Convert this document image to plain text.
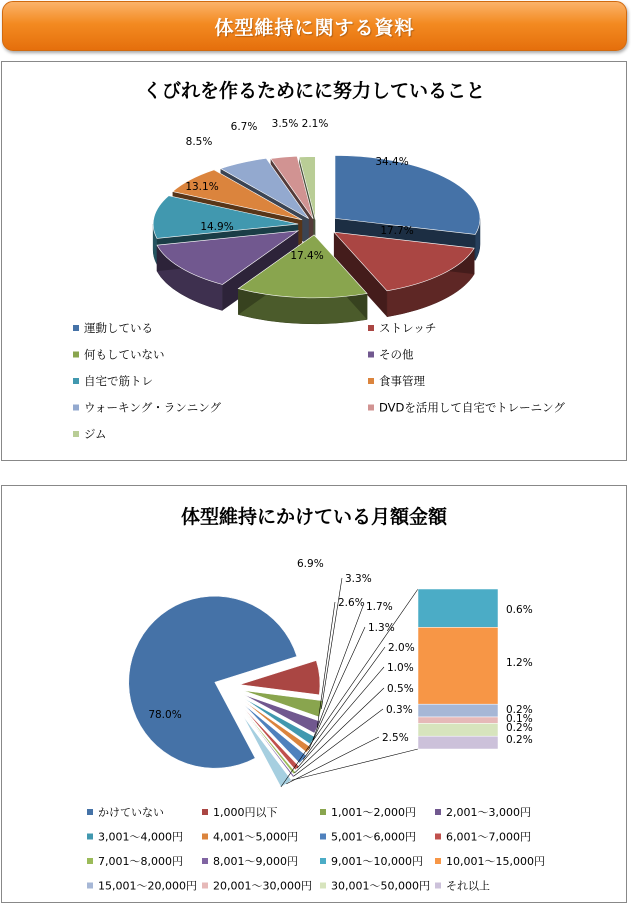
体型維持に関する資料
くびれを作るためにに努力していること
34.4%
17.7%
17.4%
14.9%
13.1%
8.5%
6.7% 3.5% 2.1%
運動している	ストレッチ
何もしていない	その他
自宅で筋トレ	食事管理
ウォーキング・ランニング	DVDを活用して自宅でトレーニング
ジム
体型維持にかけている月額金額
78.0%
6.9%
3.3%
2.6% 1.7%
1.3%
2.0%
1.0%
0.5%
0.3%
2.5%
0.6%
1.2%
0.2%
0.1%
0.2%
0.2%
かけていない	1,000円以下	1,001〜2,000円	2,001〜3,000円
3,001〜4,000円	4,001〜5,000円	5,001〜6,000円	6,001〜7,000円
7,001〜8,000円	8,001〜9,000円	9,001〜10,000円 10,001〜15,000円
15,001〜20,000円 20,001〜30,000円 30,001〜50,000円 それ以上
